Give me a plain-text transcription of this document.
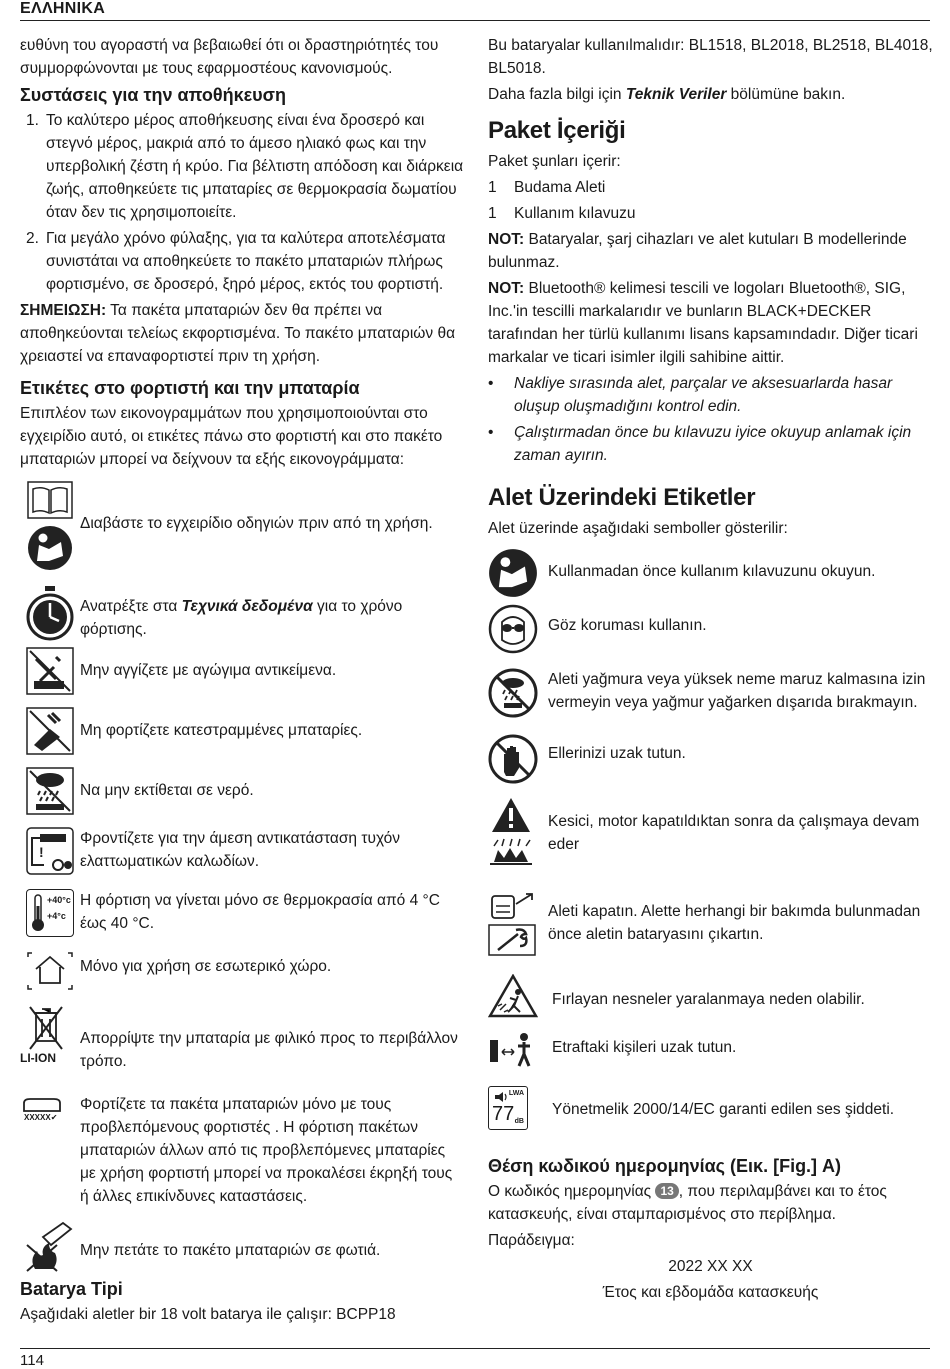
ΕΛΛΗΝΙΚΑ

ευθύνη του αγοραστή να βεβαιωθεί ότι οι δραστηριότητές του συμμορφώνονται με τους εφαρμοστέους κανονισμούς.

Συστάσεις για την αποθήκευση
1. Το καλύτερο μέρος αποθήκευσης είναι ένα δροσερό και στεγνό μέρος, μακριά από το άμεσο ηλιακό φως και την υπερβολική ζέστη ή κρύο. Για βέλτιστη απόδοση και διάρκεια ζωής, αποθηκεύετε τις μπαταρίες σε θερμοκρασία δωματίου όταν δεν τις χρησιμοποιείτε.
2. Για μεγάλο χρόνο φύλαξης, για τα καλύτερα αποτελέσματα συνιστάται να αποθηκεύετε το πακέτο μπαταριών πλήρως φορτισμένο, σε δροσερό, ξηρό μέρος, εκτός του φορτιστή.

ΣΗΜΕΙΩΣΗ: Τα πακέτα μπαταριών δεν θα πρέπει να αποθηκεύονται τελείως εκφορτισμένα. Το πακέτο μπαταριών θα χρειαστεί να επαναφορτιστεί πριν τη χρήση.

Ετικέτες στο φορτιστή και την μπαταρία

Επιπλέον των εικονογραμμάτων που χρησιμοποιούνται στο εγχειρίδιο αυτό, οι ετικέτες πάνω στο φορτιστή και στο πακέτο μπαταριών μπορεί να δείχνουν τα εξής εικονογράμματα:

Διαβάστε το εγχειρίδιο οδηγιών πριν από τη χρήση.
Ανατρέξτε στα Τεχνικά δεδομένα για το χρόνο φόρτισης.
Μην αγγίζετε με αγώγιμα αντικείμενα.
Μη φορτίζετε κατεστραμμένες μπαταρίες.
Να μην εκτίθεται σε νερό.
!
Φροντίζετε για την άμεση αντικατάσταση τυχόν ελαττωματικών καλωδίων.
+40°c
+4°c
Η φόρτιση να γίνεται μόνο σε θερμοκρασία από 4 °C έως 40 °C.
Μόνο για χρήση σε εσωτερικό χώρο.
LI-ION
Απορρίψτε την μπαταρία με φιλικό προς το περιβάλλον τρόπο.
XXXXX✔
Φορτίζετε τα πακέτα μπαταριών μόνο με τους προβλεπόμενους φορτιστές . Η φόρτιση πακέτων μπαταριών άλλων από τις προβλεπόμενες μπαταρίες με χρήση φορτιστή μπορεί να προκαλέσει έκρηξή τους ή άλλες επικίνδυνες καταστάσεις.
Μην πετάτε το πακέτο μπαταριών σε φωτιά.
Batarya Tipi

Aşağıdaki aletler bir 18 volt batarya ile çalışır: BCPP18

Bu bataryalar kullanılmalıdır: BL1518, BL2018, BL2518, BL4018, BL5018.

Daha fazla bilgi için Teknik Veriler bölümüne bakın.

Paket İçeriği

Paket şunları içerir:

1	Budama Aleti
1	Kullanım kılavuzu

NOT: Bataryalar, şarj cihazları ve alet kutuları B modellerinde bulunmaz.

NOT: Bluetooth® kelimesi tescili ve logoları Bluetooth®, SIG, Inc.'in tescilli markalarıdır ve bunların BLACK+DECKER tarafından her türlü kullanımı lisans kapsamındadır. Diğer ticari markalar ve ticari isimler ilgili sahibine aittir.

• Nakliye sırasında alet, parçalar ve aksesuarlarda hasar oluşup oluşmadığını kontrol edin.
• Çalıştırmadan önce bu kılavuzu iyice okuyup anlamak için zaman ayırın.
Alet Üzerindeki Etiketler

Alet üzerinde aşağıdaki semboller gösterilir:

Kullanmadan önce kullanım kılavuzunu okuyun.
Göz koruması kullanın.
Aleti yağmura veya yüksek neme maruz kalmasına izin vermeyin veya yağmur yağarken dışarıda bırakmayın.
Ellerinizi uzak tutun.
Kesici, motor kapatıldıktan sonra da çalışmaya devam eder
Aleti kapatın. Alette herhangi bir bakımda bulunmadan önce aletin bataryasını çıkartın.
Fırlayan nesneler yaralanmaya neden olabilir.
Etraftaki kişileri uzak tutun.
LWA
77 dB
Yönetmelik 2000/14/EC garanti edilen ses şiddeti.
Θέση κωδικού ημερομηνίας (Εικ. [Fig.] A)

Ο κωδικός ημερομηνίας 13 , που περιλαμβάνει και το έτος κατασκευής, είναι σταμπαρισμένος στο περίβλημα.

Παράδειγμα:

2022 XX XX

Έτος και εβδομάδα κατασκευής

114
